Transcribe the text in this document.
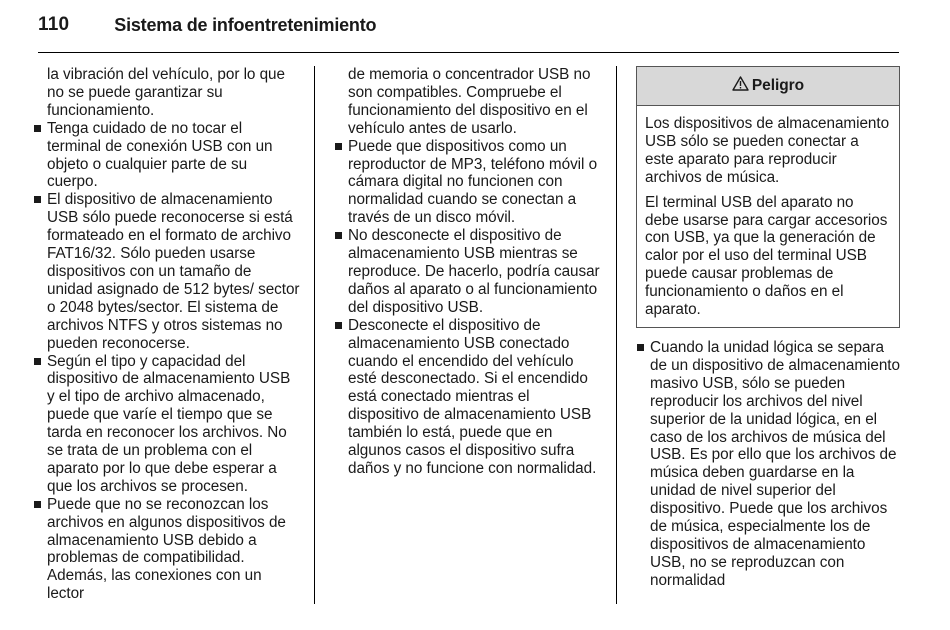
110	Sistema de infoentretenimiento

la vibración del vehículo, por lo que no se puede garantizar su funcionamiento.

Tenga cuidado de no tocar el terminal de conexión USB con un objeto o cualquier parte de su cuerpo.

El dispositivo de almacenamiento USB sólo puede reconocerse si está formateado en el formato de archivo FAT16/32. Sólo pueden usarse dispositivos con un tamaño de unidad asignado de 512 bytes/ sector o 2048 bytes/sector. El sistema de archivos NTFS y otros sistemas no pueden reconocerse.

Según el tipo y capacidad del dispositivo de almacenamiento USB y el tipo de archivo almacenado, puede que varíe el tiempo que se tarda en reconocer los archivos. No se trata de un problema con el aparato por lo que debe esperar a que los archivos se procesen.

Puede que no se reconozcan los archivos en algunos dispositivos de almacenamiento USB debido a problemas de compatibilidad. Además, las conexiones con un lector

de memoria o concentrador USB no son compatibles. Compruebe el funcionamiento del dispositivo en el vehículo antes de usarlo.

Puede que dispositivos como un reproductor de MP3, teléfono móvil o cámara digital no funcionen con normalidad cuando se conectan a través de un disco móvil.

No desconecte el dispositivo de almacenamiento USB mientras se reproduce. De hacerlo, podría causar daños al aparato o al funcionamiento del dispositivo USB.

Desconecte el dispositivo de almacenamiento USB conectado cuando el encendido del vehículo esté desconectado. Si el encendido está conectado mientras el dispositivo de almacenamiento USB también lo está, puede que en algunos casos el dispositivo sufra daños y no funcione con normalidad.

Peligro

Los dispositivos de almacenamiento USB sólo se pueden conectar a este aparato para reproducir archivos de música.

El terminal USB del aparato no debe usarse para cargar accesorios con USB, ya que la generación de calor por el uso del terminal USB puede causar problemas de funcionamiento o daños en el aparato.

Cuando la unidad lógica se separa de un dispositivo de almacenamiento masivo USB, sólo se pueden reproducir los archivos del nivel superior de la unidad lógica, en el caso de los archivos de música del USB. Es por ello que los archivos de música deben guardarse en la unidad de nivel superior del dispositivo. Puede que los archivos de música, especialmente los de dispositivos de almacenamiento USB, no se reproduzcan con normalidad
